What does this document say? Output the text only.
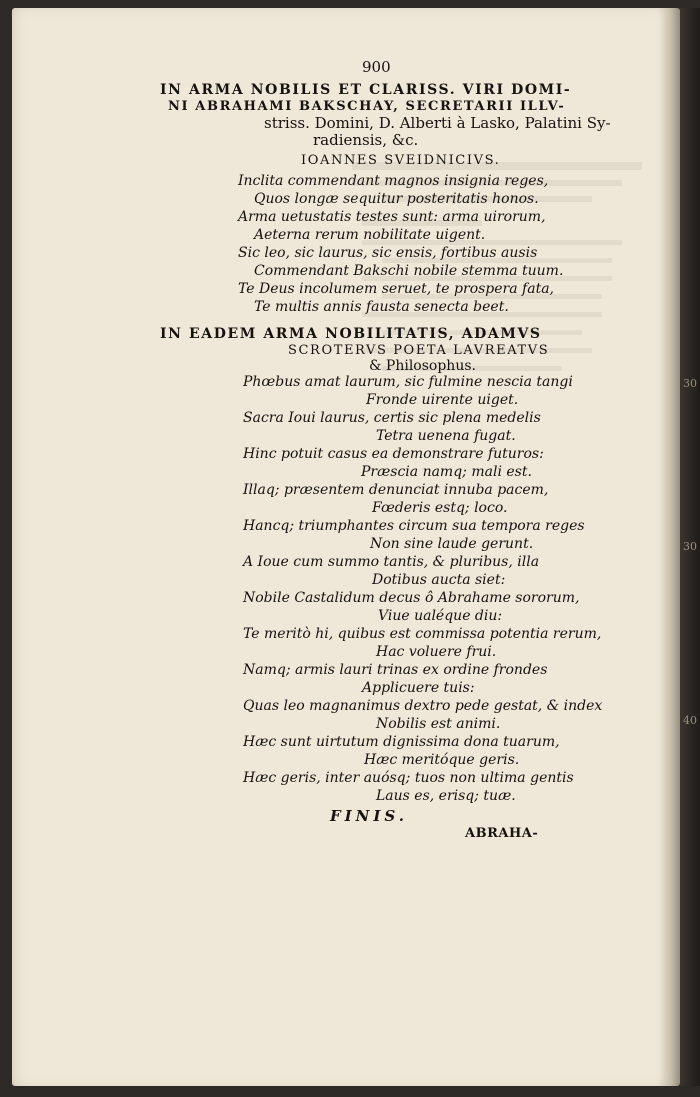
900
IN ARMA NOBILIS ET CLARISS. VIRI DOMI-
NI ABRAHAMI BAKSCHAY, SECRETARII ILLV-
striss. Domini, D. Alberti à Lasko, Palatini Sy-
radiensis, &c.
IOANNES SVEIDNICIVS.
Inclita commendant magnos insignia reges,
Quos longæ sequitur posteritatis honos.
Arma uetustatis testes sunt: arma uirorum,
Aeterna rerum nobilitate uigent.
Sic leo, sic laurus, sic ensis, fortibus ausis
Commendant Bakschi nobile stemma tuum.
Te Deus incolumem seruet, te prospera fata,
Te multis annis fausta senecta beet.
IN EADEM ARMA NOBILITATIS, ADAMVS
SCROTERVS POETA LAVREATVS
& Philosophus.
Phœbus amat laurum, sic fulmine nescia tangi
Fronde uirente uiget.
Sacra Ioui laurus, certis sic plena medelis
Tetra uenena fugat.
Hinc potuit casus ea demonstrare futuros:
Præscia namq; mali est.
Illaq; præsentem denunciat innuba pacem,
Fœderis estq; loco.
Hancq; triumphantes circum sua tempora reges
Non sine laude gerunt.
A Ioue cum summo tantis, & pluribus, illa
Dotibus aucta siet:
Nobile Castalidum decus ô Abrahame sororum,
Viue ualéque diu:
Te meritò hi, quibus est commissa potentia rerum,
Hac voluere frui.
Namq; armis lauri trinas ex ordine frondes
Applicuere tuis:
Quas leo magnanimus dextro pede gestat, & index
Nobilis est animi.
Hæc sunt uirtutum dignissima dona tuarum,
Hæc meritóque geris.
Hæc geris, inter auósq; tuos non ultima gentis
Laus es, erisq; tuæ.
FINIS.
ABRAHA-
30
30
40
